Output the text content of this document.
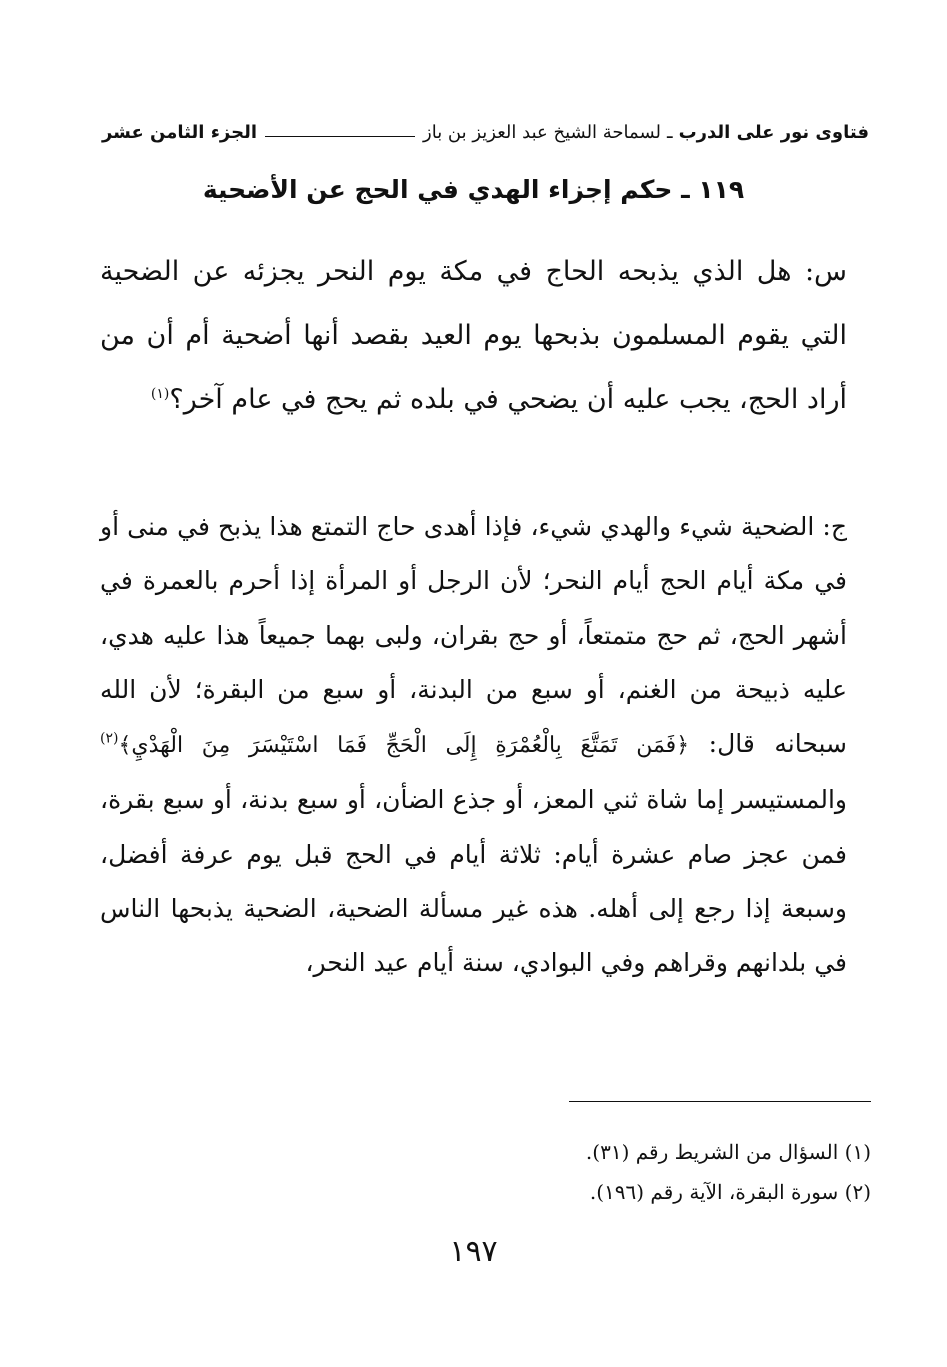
فتاوى نور على الدرب
ـ
لسماحة الشيخ عبد العزيز بن باز
الجزء الثامن عشر
١١٩ ـ حكم إجزاء الهدي في الحج عن الأضحية
س: هل الذي يذبحه الحاج في مكة يوم النحر يجزئه عن الضحية التي يقوم المسلمون بذبحها يوم العيد بقصد أنها أضحية أم أن من أراد الحج، يجب عليه أن يضحي في بلده ثم يحج في عام آخر؟$^{(١)}$
ج: الضحية شيء والهدي شيء، فإذا أهدى حاج التمتع هذا يذبح في منى أو في مكة أيام الحج أيام النحر؛ لأن الرجل أو المرأة إذا أحرم بالعمرة في أشهر الحج، ثم حج متمتعاً، أو حج بقران، ولبى بهما جميعاً هذا عليه هدي، عليه ذبيحة من الغنم، أو سبع من البدنة، أو سبع من البقرة؛ لأن الله سبحانه قال: ﴿فَمَن تَمَتَّعَ بِالْعُمْرَةِ إِلَى الْحَجِّ فَمَا اسْتَيْسَرَ مِنَ الْهَدْيِ﴾$^{(٢)}$ والمستيسر إما شاة ثني المعز، أو جذع الضأن، أو سبع بدنة، أو سبع بقرة، فمن عجز صام عشرة أيام: ثلاثة أيام في الحج قبل يوم عرفة أفضل، وسبعة إذا رجع إلى أهله. هذه غير مسألة الضحية، الضحية يذبحها الناس في بلدانهم وقراهم وفي البوادي، سنة أيام عيد النحر،
(١) السؤال من الشريط رقم (٣١).
(٢) سورة البقرة، الآية رقم (١٩٦).
١٩٧
